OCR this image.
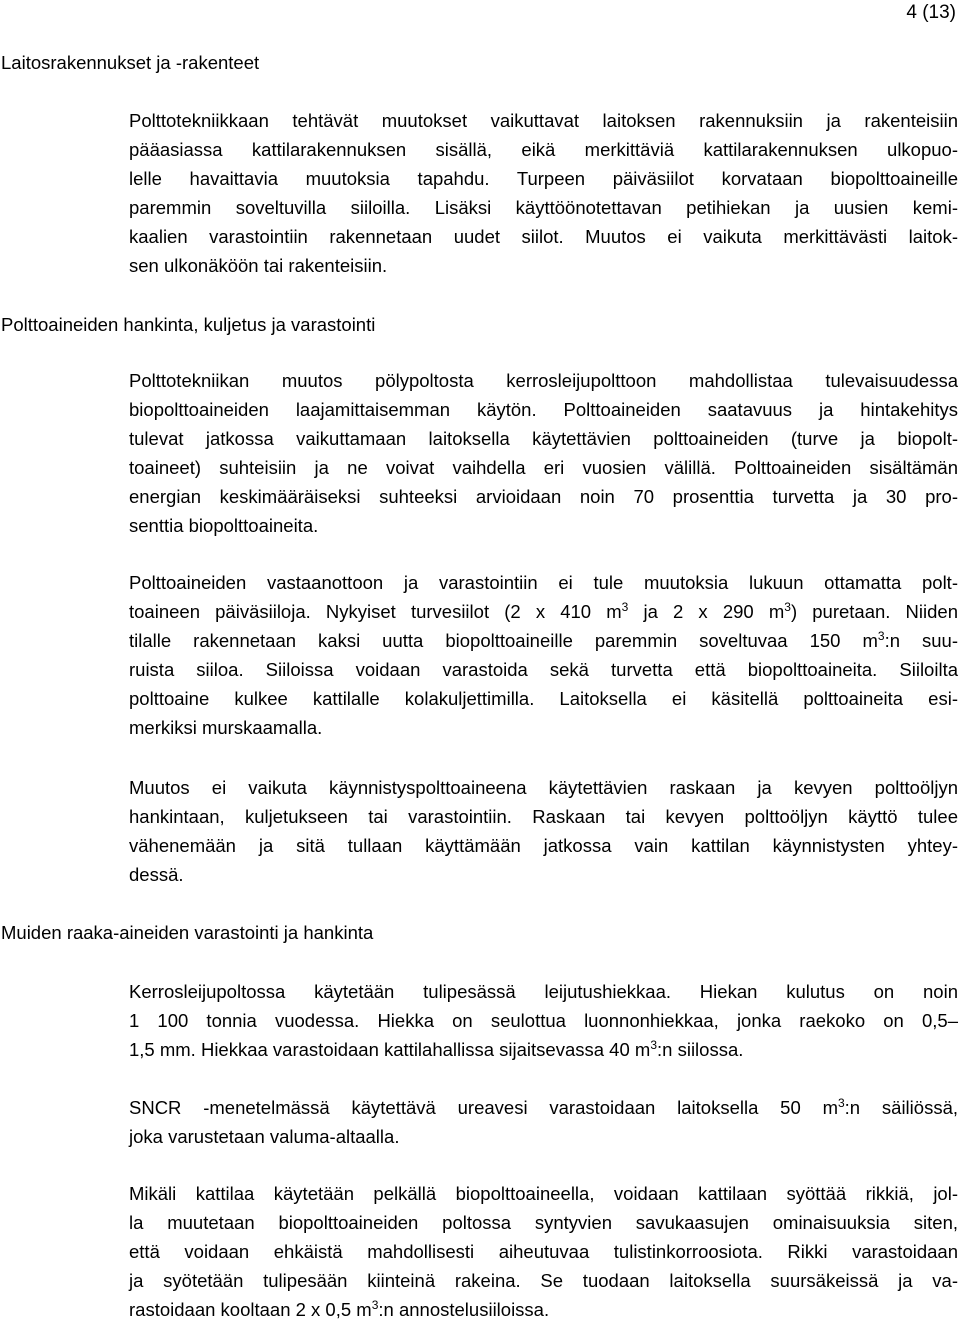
4 (13)
Laitosrakennukset ja -rakenteet
Polttotekniikkaan tehtävät muutokset vaikuttavat laitoksen rakennuksiin ja rakenteisiin
pääasiassa kattilarakennuksen sisällä, eikä merkittäviä kattilarakennuksen ulkopuo-
lelle havaittavia muutoksia tapahdu. Turpeen päiväsiilot korvataan biopolttoaineille
paremmin soveltuvilla siiloilla. Lisäksi käyttöönotettavan petihiekan ja uusien kemi-
kaalien varastointiin rakennetaan uudet siilot. Muutos ei vaikuta merkittävästi laitok-
sen ulkonäköön tai rakenteisiin.
Polttoaineiden hankinta, kuljetus ja varastointi
Polttotekniikan muutos pölypoltosta kerrosleijupolttoon mahdollistaa tulevaisuudessa
biopolttoaineiden laajamittaisemman käytön. Polttoaineiden saatavuus ja hintakehitys
tulevat jatkossa vaikuttamaan laitoksella käytettävien polttoaineiden (turve ja biopolt-
toaineet) suhteisiin ja ne voivat vaihdella eri vuosien välillä. Polttoaineiden sisältämän
energian keskimääräiseksi suhteeksi arvioidaan noin 70 prosenttia turvetta ja 30 pro-
senttia biopolttoaineita.
Polttoaineiden vastaanottoon ja varastointiin ei tule muutoksia lukuun ottamatta polt-
toaineen päiväsiiloja. Nykyiset turvesiilot (2 x 410 $m^3$ ja 2 x 290 $m^3$) puretaan. Niiden
tilalle rakennetaan kaksi uutta biopolttoaineille paremmin soveltuvaa 150 $m^3:n$ suu-
ruista siiloa. Siiloissa voidaan varastoida sekä turvetta että biopolttoaineita. Siiloilta
polttoaine kulkee kattilalle kolakuljettimilla. Laitoksella ei käsitellä polttoaineita esi-
merkiksi murskaamalla.
Muutos ei vaikuta käynnistyspolttoaineena käytettävien raskaan ja kevyen polttoöljyn
hankintaan, kuljetukseen tai varastointiin. Raskaan tai kevyen polttoöljyn käyttö tulee
vähenemään ja sitä tullaan käyttämään jatkossa vain kattilan käynnistysten yhtey-
dessä.
Muiden raaka-aineiden varastointi ja hankinta
Kerrosleijupoltossa käytetään tulipesässä leijutushiekkaa. Hiekan kulutus on noin
1 100 tonnia vuodessa. Hiekka on seulottua luonnonhiekkaa, jonka raekoko on 0,5–
1,5 mm. Hiekkaa varastoidaan kattilahallissa sijaitsevassa 40 $m^3:n$ siilossa.
SNCR -menetelmässä käytettävä ureavesi varastoidaan laitoksella 50 $m^3:n$ säiliössä,
joka varustetaan valuma-altaalla.
Mikäli kattilaa käytetään pelkällä biopolttoaineella, voidaan kattilaan syöttää rikkiä, jol-
la muutetaan biopolttoaineiden poltossa syntyvien savukaasujen ominaisuuksia siten,
että voidaan ehkäistä mahdollisesti aiheutuvaa tulistinkorroosiota. Rikki varastoidaan
ja syötetään tulipesään kiinteinä rakeina. Se tuodaan laitoksella suursäkeissä ja va-
rastoidaan kooltaan 2 x 0,5 $m^3:n$ annostelusiiloissa.
